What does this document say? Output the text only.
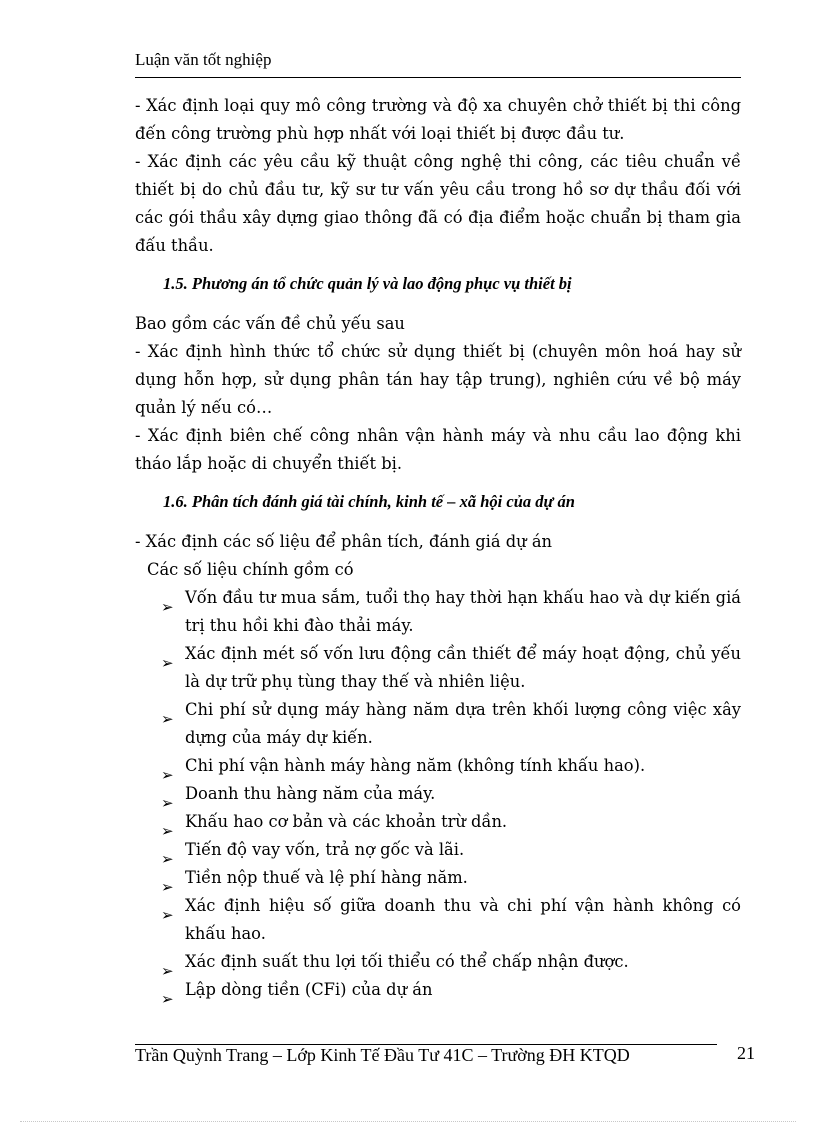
Luận văn tốt nghiệp

- Xác định loại quy mô công trường và độ xa chuyên chở thiết bị thi công đến công trường phù hợp nhất với loại thiết bị được đầu tư.

- Xác định các yêu cầu kỹ thuật công nghệ thi công, các tiêu chuẩn về thiết bị do chủ đầu tư, kỹ sư tư vấn yêu cầu trong hồ sơ dự thầu đối với các gói thầu xây dựng giao thông đã có địa điểm hoặc chuẩn bị tham gia đấu thầu.

1.5. Phương án tổ chức quản lý và lao động phục vụ thiết bị

Bao gồm các vấn đề chủ yếu sau

- Xác định hình thức tổ chức sử dụng thiết bị (chuyên môn hoá hay sử dụng hỗn hợp, sử dụng phân tán hay tập trung), nghiên cứu về bộ máy quản lý nếu có…

- Xác định biên chế công nhân vận hành máy và nhu cầu lao động khi tháo lắp hoặc di chuyển thiết bị.

1.6. Phân tích đánh giá tài chính, kinh tế – xã hội của dự án

- Xác định các số liệu để phân tích, đánh giá dự án

Các số liệu chính gồm có

➢ Vốn đầu tư mua sắm, tuổi thọ hay thời hạn khấu hao và dự kiến giá trị thu hồi khi đào thải máy.
➢ Xác định mét số vốn lưu động cần thiết để máy hoạt động, chủ yếu là dự trữ phụ tùng thay thế và nhiên liệu.
➢ Chi phí sử dụng máy hàng năm dựa trên khối lượng công việc xây dựng của máy dự kiến.
➢ Chi phí vận hành máy hàng năm (không tính khấu hao).
➢ Doanh thu hàng năm của máy.
➢ Khấu hao cơ bản và các khoản trừ dần.
➢ Tiến độ vay vốn, trả nợ gốc và lãi.
➢ Tiền nộp thuế và lệ phí hàng năm.
➢ Xác định hiệu số giữa doanh thu và chi phí vận hành không có khấu hao.
➢ Xác định suất thu lợi tối thiểu có thể chấp nhận được.
➢ Lập dòng tiền (CFi) của dự án
Trần Quỳnh Trang – Lớp Kinh Tế Đầu Tư 41C – Trường ĐH KTQD	21
